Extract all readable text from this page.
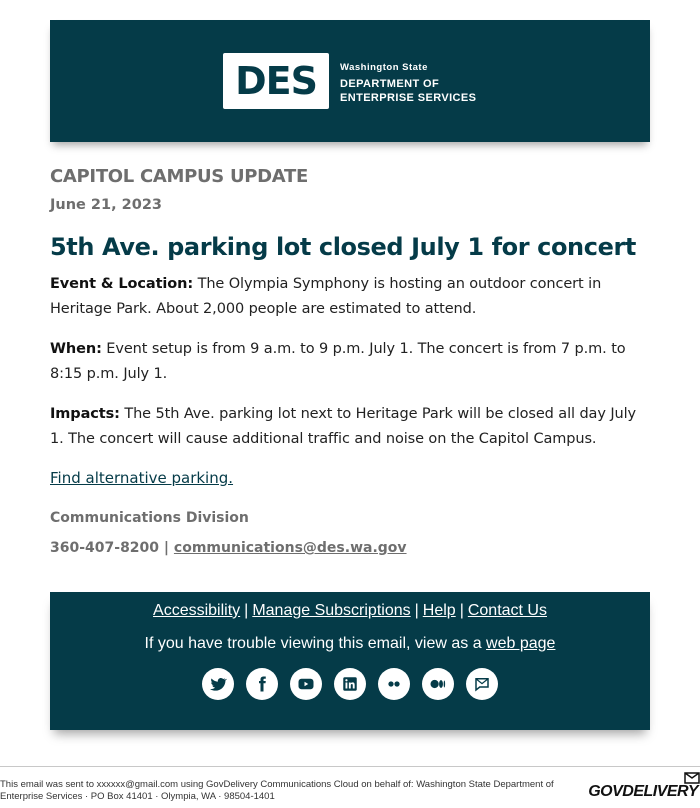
DES	Washington State
DEPARTMENT OF
ENTERPRISE SERVICES

CAPITOL CAMPUS UPDATE

June 21, 2023

5th Ave. parking lot closed July 1 for concert

Event & Location: The Olympia Symphony is hosting an outdoor concert in Heritage Park. About 2,000 people are estimated to attend.

When: Event setup is from 9 a.m. to 9 p.m. July 1. The concert is from 7 p.m. to 8:15 p.m. July 1.

Impacts: The 5th Ave. parking lot next to Heritage Park will be closed all day July 1. The concert will cause additional traffic and noise on the Capitol Campus.

Find alternative parking.

Communications Division

360-407-8200 | communications@des.wa.gov

Accessibility | Manage Subscriptions | Help | Contact Us
If you have trouble viewing this email, view as a web page
This email was sent to xxxxxx@gmail.com using GovDelivery Communications Cloud on behalf of: Washington State Department of Enterprise Services · PO Box 41401 · Olympia, WA · 98504-1401	GOVDELIVERY
